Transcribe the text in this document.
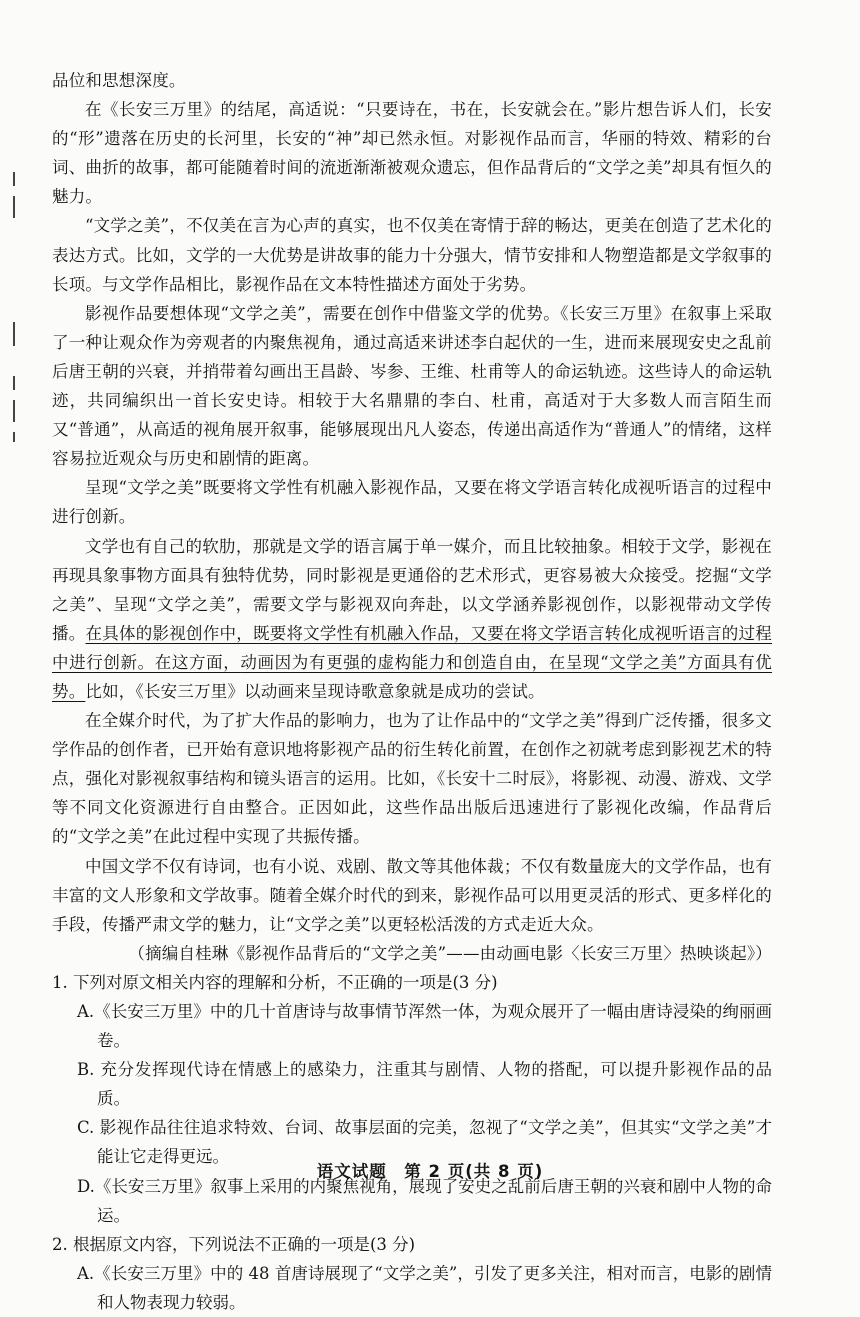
品位和思想深度。

在《长安三万里》的结尾，高适说：“只要诗在，书在，长安就会在。”影片想告诉人们，长安的“形”遗落在历史的长河里，长安的“神”却已然永恒。对影视作品而言，华丽的特效、精彩的台词、曲折的故事，都可能随着时间的流逝渐渐被观众遗忘，但作品背后的“文学之美”却具有恒久的魅力。

“文学之美”，不仅美在言为心声的真实，也不仅美在寄情于辞的畅达，更美在创造了艺术化的表达方式。比如，文学的一大优势是讲故事的能力十分强大，情节安排和人物塑造都是文学叙事的长项。与文学作品相比，影视作品在文本特性描述方面处于劣势。

影视作品要想体现“文学之美”，需要在创作中借鉴文学的优势。《长安三万里》在叙事上采取了一种让观众作为旁观者的内聚焦视角，通过高适来讲述李白起伏的一生，进而来展现安史之乱前后唐王朝的兴衰，并捎带着勾画出王昌龄、岑参、王维、杜甫等人的命运轨迹。这些诗人的命运轨迹，共同编织出一首长安史诗。相较于大名鼎鼎的李白、杜甫，高适对于大多数人而言陌生而又“普通”，从高适的视角展开叙事，能够展现出凡人姿态，传递出高适作为“普通人”的情绪，这样容易拉近观众与历史和剧情的距离。

呈现“文学之美”既要将文学性有机融入影视作品，又要在将文学语言转化成视听语言的过程中进行创新。

文学也有自己的软肋，那就是文学的语言属于单一媒介，而且比较抽象。相较于文学，影视在再现具象事物方面具有独特优势，同时影视是更通俗的艺术形式，更容易被大众接受。挖掘“文学之美”、呈现“文学之美”，需要文学与影视双向奔赴，以文学涵养影视创作，以影视带动文学传播。在具体的影视创作中，既要将文学性有机融入作品，又要在将文学语言转化成视听语言的过程中进行创新。在这方面，动画因为有更强的虚构能力和创造自由，在呈现“文学之美”方面具有优势。比如，《长安三万里》以动画来呈现诗歌意象就是成功的尝试。

在全媒介时代，为了扩大作品的影响力，也为了让作品中的“文学之美”得到广泛传播，很多文学作品的创作者，已开始有意识地将影视产品的衍生转化前置，在创作之初就考虑到影视艺术的特点，强化对影视叙事结构和镜头语言的运用。比如，《长安十二时辰》，将影视、动漫、游戏、文学等不同文化资源进行自由整合。正因如此，这些作品出版后迅速进行了影视化改编，作品背后的“文学之美”在此过程中实现了共振传播。

中国文学不仅有诗词，也有小说、戏剧、散文等其他体裁；不仅有数量庞大的文学作品，也有丰富的文人形象和文学故事。随着全媒介时代的到来，影视作品可以用更灵活的形式、更多样化的手段，传播严肃文学的魅力，让“文学之美”以更轻松活泼的方式走近大众。

（摘编自桂琳《影视作品背后的“文学之美”——由动画电影〈长安三万里〉热映谈起》）

1. 下列对原文相关内容的理解和分析，不正确的一项是(3 分)

A.《长安三万里》中的几十首唐诗与故事情节浑然一体，为观众展开了一幅由唐诗浸染的绚丽画卷。

B. 充分发挥现代诗在情感上的感染力，注重其与剧情、人物的搭配，可以提升影视作品的品质。

C. 影视作品往往追求特效、台词、故事层面的完美，忽视了“文学之美”，但其实“文学之美”才能让它走得更远。

D.《长安三万里》叙事上采用的内聚焦视角，展现了安史之乱前后唐王朝的兴衰和剧中人物的命运。

2. 根据原文内容，下列说法不正确的一项是(3 分)

A.《长安三万里》中的 48 首唐诗展现了“文学之美”，引发了更多关注，相对而言，电影的剧情和人物表现力较弱。

语文试题　第 2 页(共 8 页)
